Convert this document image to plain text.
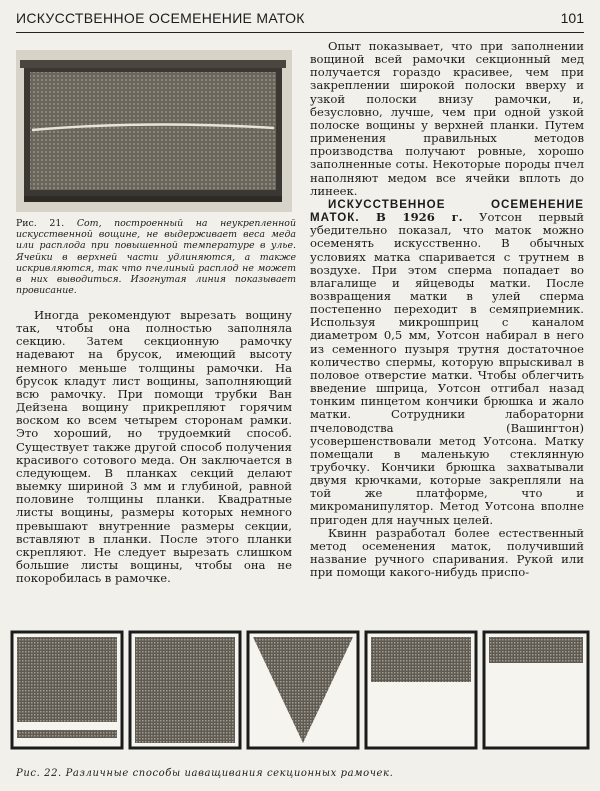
ИСКУССТВЕННОЕ ОСЕМЕНЕНИЕ МАТОК	101
Рис. 21. Сот, построенный на неукрепленной искусственной вощине, не выдерживает веса меда или расплода при повышенной температуре в улье. Ячейки в верхней части удлиняются, а также искривляются, так что пчелиный расплод не может в них выводиться. Изогнутая линия показывает провисание.

Иногда рекомендуют вырезать вощину так, чтобы она полностью заполняла секцию. Затем секционную рамочку надевают на брусок, имеющий высоту немного меньше толщины рамочки. На брусок кладут лист вощины, заполняющий всю рамочку. При помощи трубки Ван Дейзена вощину прикрепляют горячим воском ко всем четырем сторонам рамки. Это хороший, но трудоемкий способ. Существует также другой способ получения красивого сотового меда. Он заключается в следующем. В планках секций делают выемку шириной 3 мм и глубиной, равной половине толщины планки. Квадратные листы вощины, размеры которых немного превышают внутренние размеры секции, вставляют в планки. После этого планки скрепляют. Не следует вырезать слишком большие листы вощины, чтобы она не покоробилась в рамочке.

Опыт показывает, что при заполнении вощиной всей рамочки секционный мед получается гораздо красивее, чем при закреплении широкой полоски вверху и узкой полоски внизу рамочки, и, безусловно, лучше, чем при одной узкой полоске вощины у верхней планки. Путем применения правильных методов производства получают ровные, хорошо заполненные соты. Некоторые породы пчел наполняют медом все ячейки вплоть до линеек.

ИСКУССТВЕННОЕ ОСЕМЕНЕНИЕ МАТОК. В 1926 г. Уотсон первый убедительно показал, что маток можно осеменять искусственно. В обычных условиях матка спаривается с трутнем в воздухе. При этом сперма попадает во влагалище и яйцеводы матки. После возвращения матки в улей сперма постепенно переходит в семяприемник. Используя микрошприц с каналом диаметром 0,5 мм, Уотсон набирал в него из семенного пузыря трутня достаточное количество спермы, которую впрыскивал в половое отверстие матки. Чтобы облегчить введение шприца, Уотсон отгибал назад тонким пинцетом кончики брюшка и жало матки. Сотрудники лабораторни пчеловодства (Вашингтон) усовершенствовали метод Уотсона. Матку помещали в маленькую стеклянную трубочку. Кончики брюшка захватывали двумя крючками, которые закрепляли на той же платформе, что и микроманипулятор. Метод Уотсона вполне пригоден для научных целей.

Квинн разработал более естественный метод осеменения маток, получивший название ручного спаривания. Рукой или при помощи какого-нибудь приспо-

Рис. 22. Различные способы иаващивания секционных рамочек.
